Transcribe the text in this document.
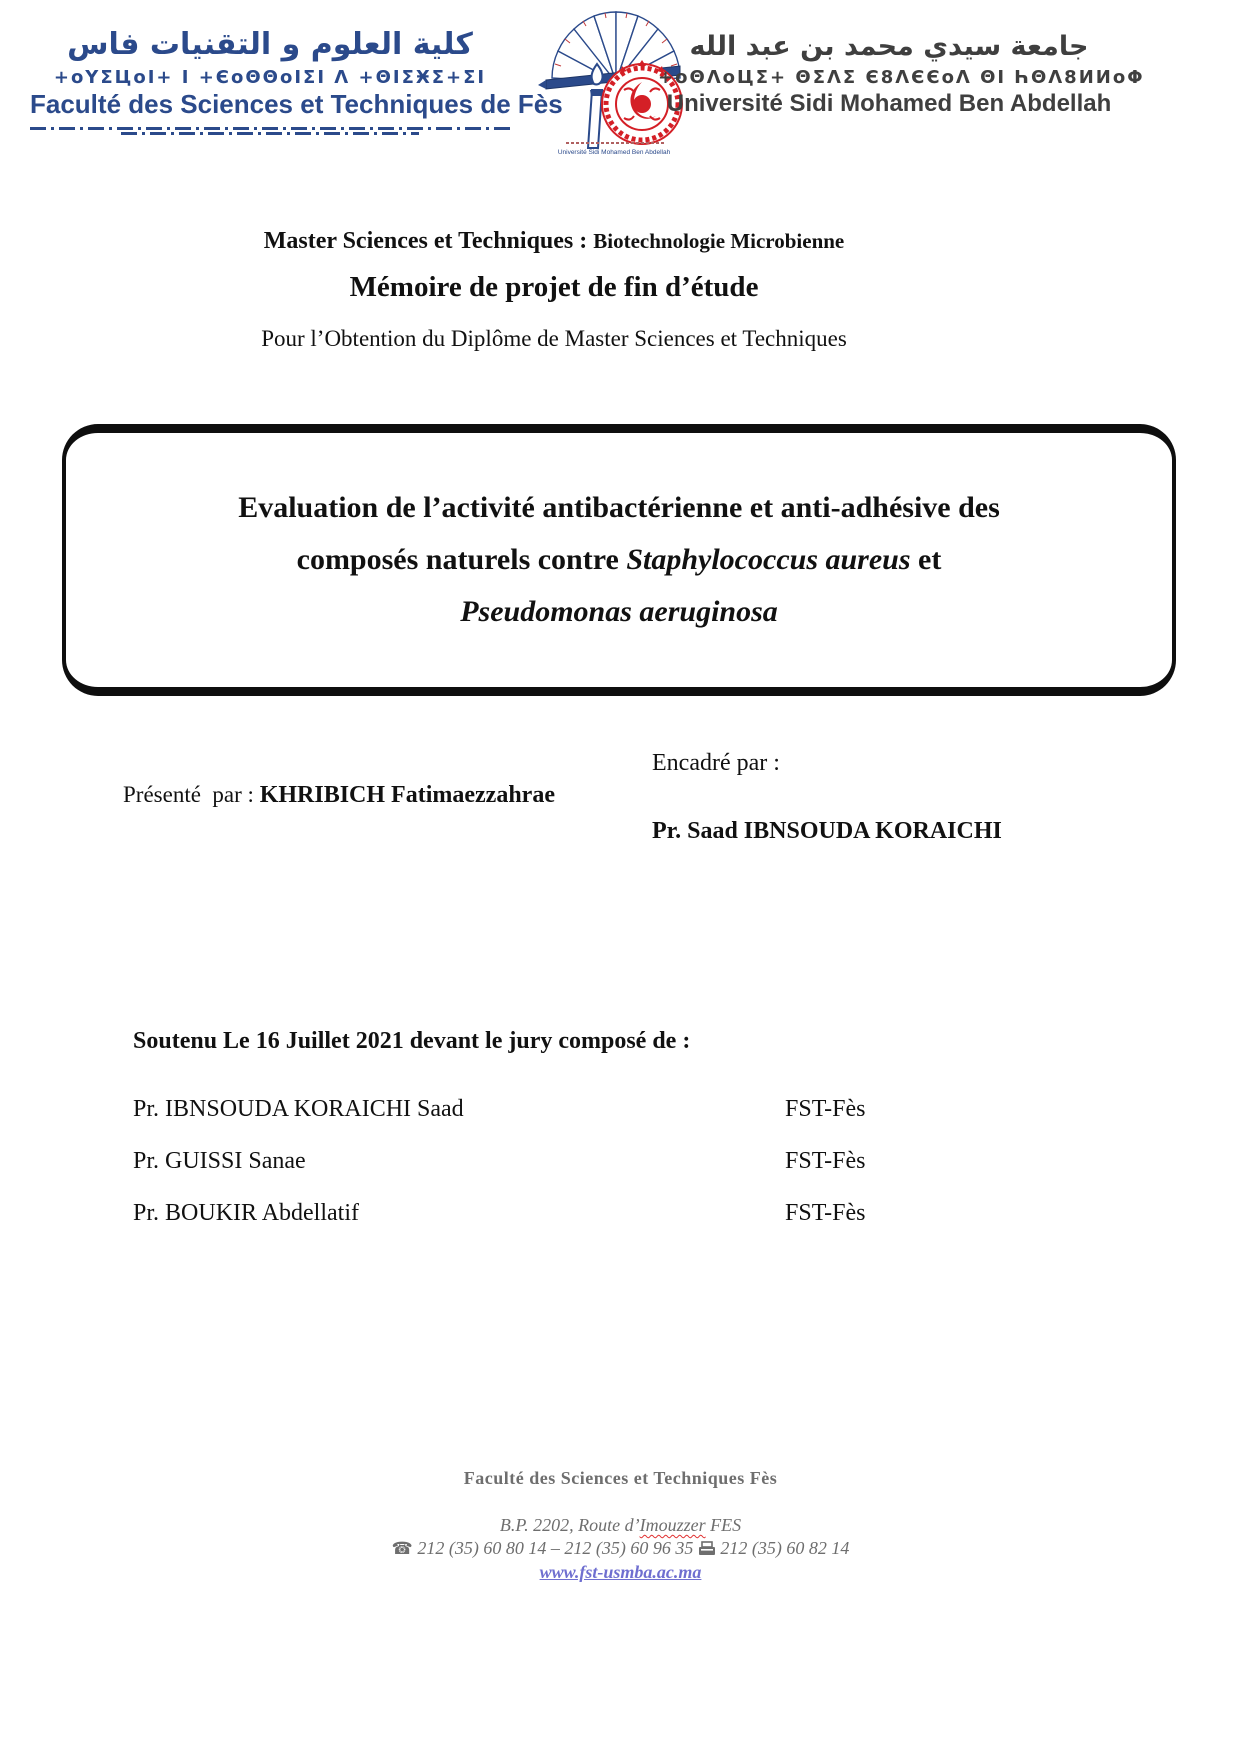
كلية العلوم و التقنيات فاس
+oYΣЦoI+ I +ЄoΘΘoIΣI Λ +ΘIΣӾΣ+ΣI
Faculté des Sciences et Techniques de Fès
Université Sidi Mohamed Ben Abdellah
جامعة سيدي محمد بن عبد الله
+oΘΛoЦΣ+ ΘΣΛΣ Є8ΛЄЄoΛ ΘI ҺΘΛ8ИИoΦ
Université Sidi Mohamed Ben Abdellah
Master Sciences et Techniques : Biotechnologie Microbienne
Mémoire de projet de fin d’étude
Pour l’Obtention du Diplôme de Master Sciences et Techniques
Evaluation de l’activité antibactérienne et anti-adhésive des
composés naturels contre Staphylococcus aureus et
Pseudomonas aeruginosa

Présenté  par : KHRIBICH Fatimaezzahrae

Encadré par :
Pr. Saad IBNSOUDA KORAICHI
Soutenu Le 16 Juillet 2021 devant le jury composé de :
Pr. IBNSOUDA KORAICHI Saad	FST-Fès
Pr. GUISSI Sanae	FST-Fès
Pr. BOUKIR Abdellatif	FST-Fès
Faculté des Sciences et Techniques Fès
B.P. 2202, Route d’Imouzzer FES
☎ 212 (35) 60 80 14 – 212 (35) 60 96 35 212 (35) 60 82 14
www.fst-usmba.ac.ma
